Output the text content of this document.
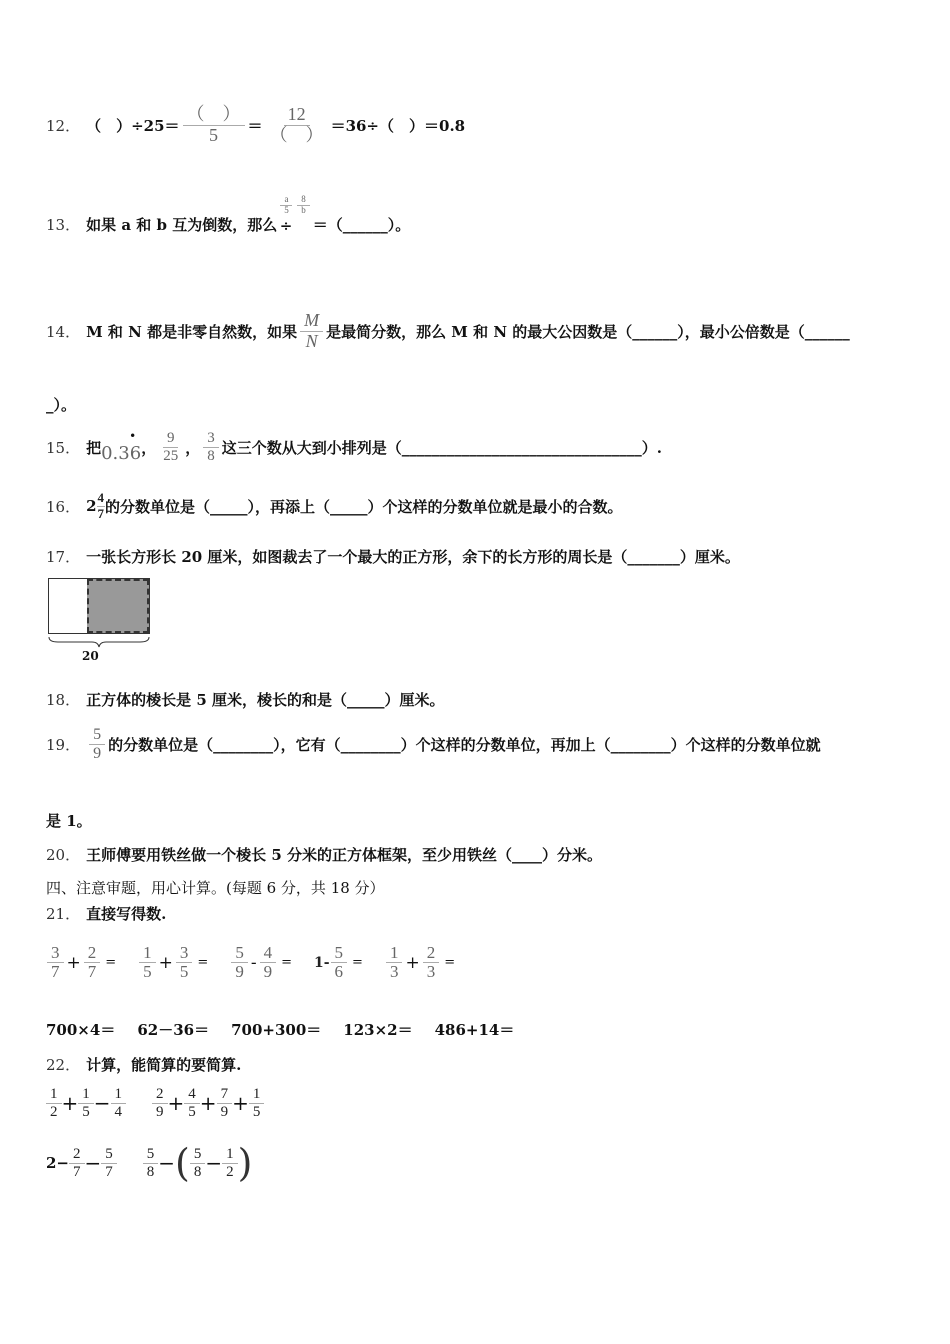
12． （　）$\div 25= \frac{( )}{5} = \frac{12}{( )} =36\div$（　）＝0.8
13． 如果 a 和 b 互为倒数，那么
$\frac{a}{5}$
÷
$\frac{8}{b}$
＝（______）。
14． M 和 N 都是非零自然数，如果 $\frac{M}{N}$ 是最简分数，那么 M 和 N 的最大公因数是（______），最小公倍数是（______
_）。
15． 把 0.36
•
， $\frac{9}{25}$ ， $\frac{3}{8}$ 这三个数从大到小排列是（________________________________）.
16． $2 \frac{4}{7}$ 的分数单位是（_____），再添上（_____）个这样的分数单位就是最小的合数。
17． 一张长方形长 20 厘米，如图裁去了一个最大的正方形，余下的长方形的周长是（_______）厘米。
20
18． 正方体的棱长是 5 厘米，棱长的和是（_____）厘米。
19． $\frac{5}{9}$ 的分数单位是（________），它有（________）个这样的分数单位，再加上（________）个这样的分数单位就
是 1。
20． 王师傅要用铁丝做一个棱长 5 分米的正方体框架，至少用铁丝（____）分米。
四、注意审题，用心计算。(每题 6 分，共 18 分）
21． 直接写得数.
$\frac{3}{7} + \frac{2}{7} = \frac{1}{5} + \frac{3}{5} = \frac{5}{9} - \frac{4}{9} = 1- \frac{5}{6} = \frac{1}{3} + \frac{2}{3}$ =
700×4＝ 62－36＝ 700+300＝ 123×2＝ 486+14＝
22． 计算，能简算的要简算.
$\frac{1}{2} + \frac{1}{5} - \frac{1}{4} \frac{2}{9} + \frac{4}{5} + \frac{7}{9} + \frac{1}{5}$
$2- \frac{2}{7} - \frac{5}{7} \frac{5}{8}$ − ( $\frac{5}{8} - \frac{1}{2}$ )
